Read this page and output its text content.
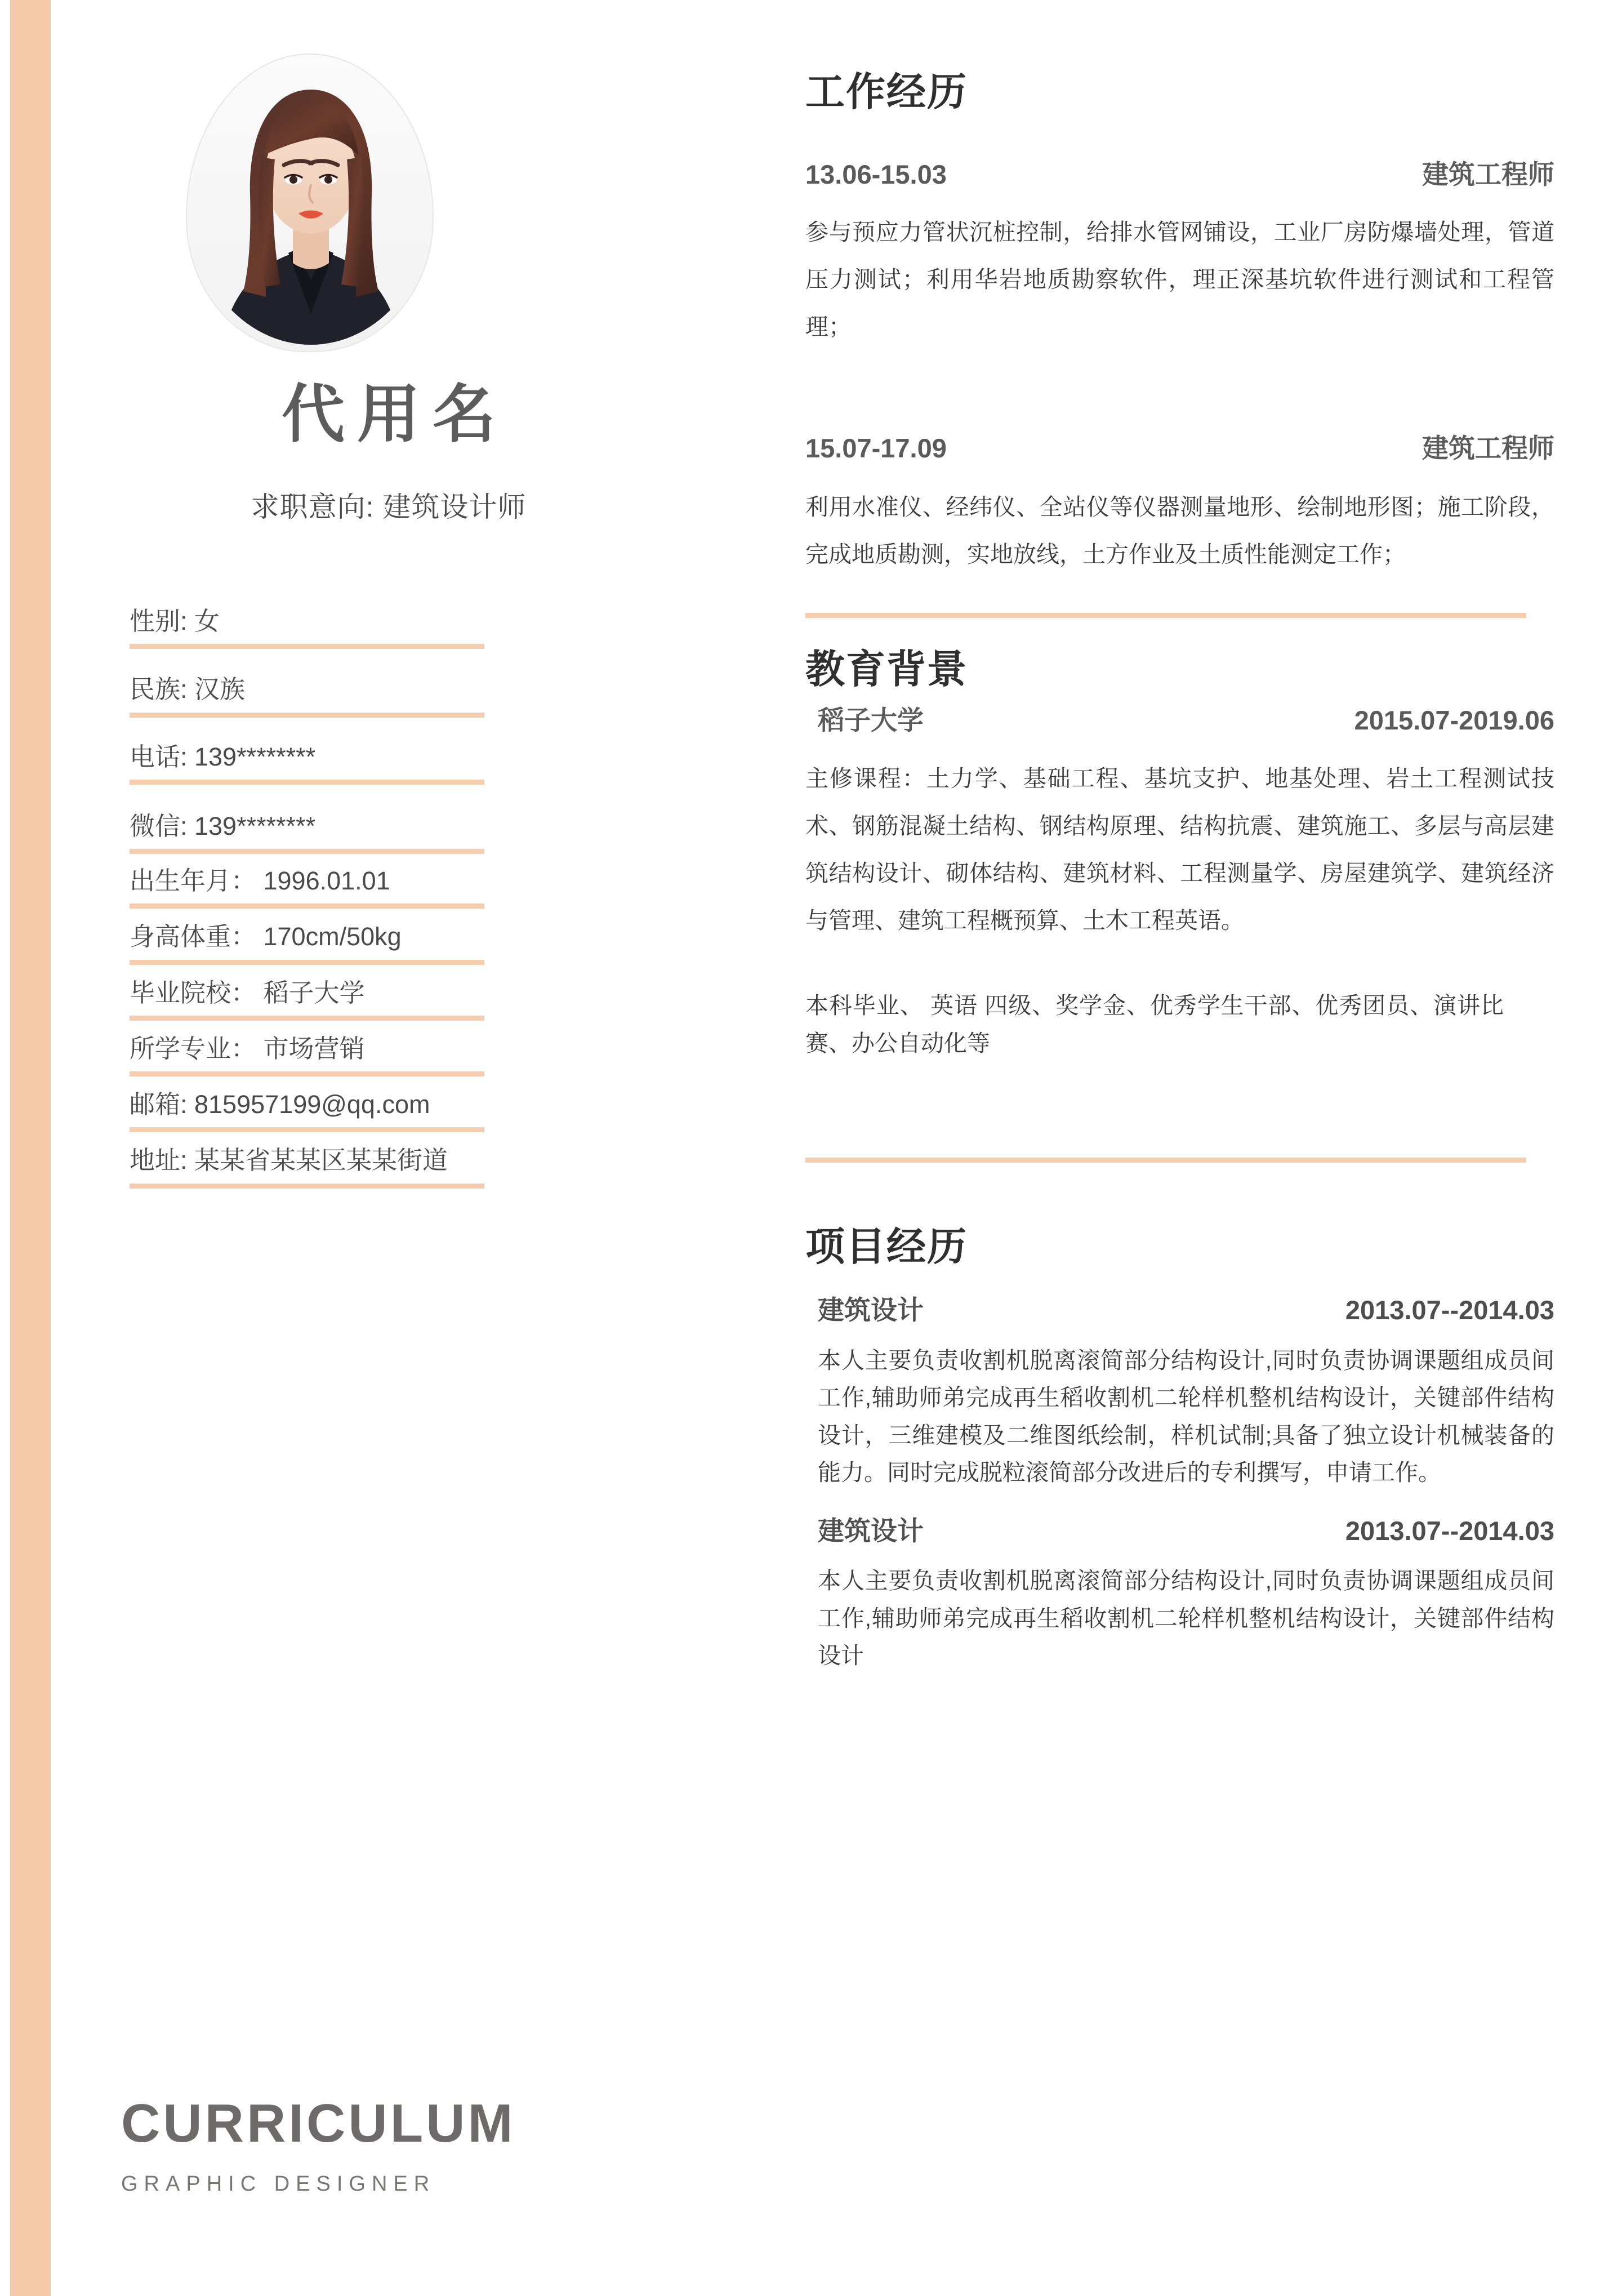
代用名
求职意向: 建筑设计师
性别: 女
民族: 汉族
电话: 139********
微信: 139********
出生年月： 1996.01.01
身高体重： 170cm/50kg
毕业院校： 稻子大学
所学专业： 市场营销
邮箱: 815957199@qq.com
地址: 某某省某某区某某街道
CURRICULUM
GRAPHIC DESIGNER
工作经历
13.06-15.03	建筑工程师

参与预应力管状沉桩控制，给排水管网铺设，工业厂房防爆墙处理，管道压力测试；利用华岩地质勘察软件，理正深基坑软件进行测试和工程管理；

15.07-17.09	建筑工程师

利用水准仪、经纬仪、全站仪等仪器测量地形、绘制地形图；施工阶段，完成地质勘测，实地放线，土方作业及土质性能测定工作；

教育背景
稻子大学	2015.07-2019.06

主修课程：土力学、基础工程、基坑支护、地基处理、岩土工程测试技术、钢筋混凝土结构、钢结构原理、结构抗震、建筑施工、多层与高层建筑结构设计、砌体结构、建筑材料、工程测量学、房屋建筑学、建筑经济与管理、建筑工程概预算、土木工程英语。

本科毕业、 英语 四级、奖学金、优秀学生干部、优秀团员、演讲比赛、办公自动化等

项目经历
建筑设计	2013.07--2014.03

本人主要负责收割机脱离滚简部分结构设计,同时负责协调课题组成员间工作,辅助师弟完成再生稻收割机二轮样机整机结构设计，关键部件结构设计，三维建模及二维图纸绘制，样机试制;具备了独立设计机械装备的能力。同时完成脱粒滚简部分改进后的专利撰写，申请工作。

建筑设计	2013.07--2014.03

本人主要负责收割机脱离滚简部分结构设计,同时负责协调课题组成员间工作,辅助师弟完成再生稻收割机二轮样机整机结构设计，关键部件结构设计
